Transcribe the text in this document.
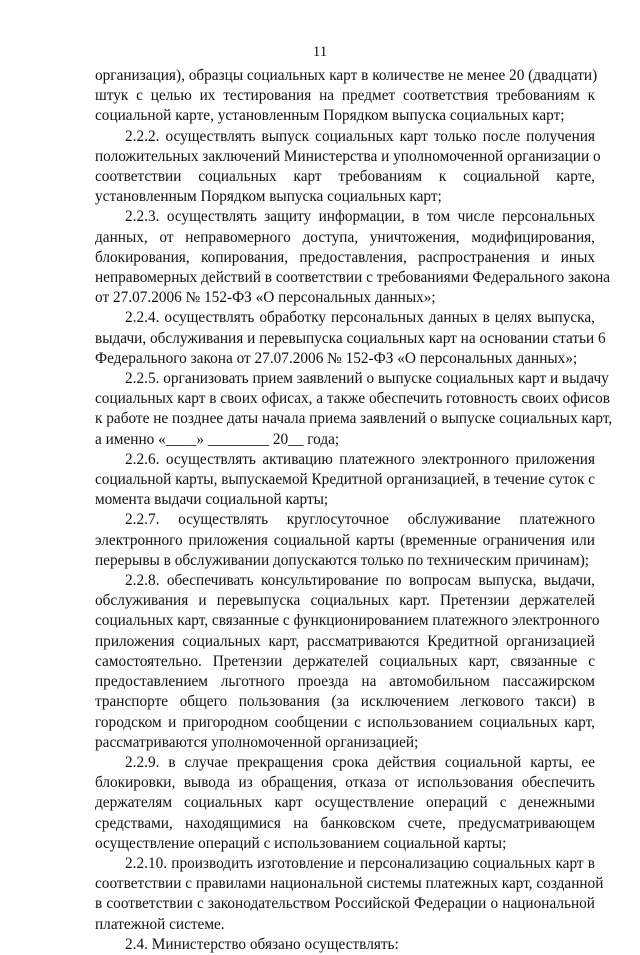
11
организация), образцы социальных карт в количестве не менее 20 (двадцати)
штук с целью их тестирования на предмет соответствия требованиям к
социальной карте, установленным Порядком выпуска социальных карт;
2.2.2. осуществлять выпуск социальных карт только после получения
положительных заключений Министерства и уполномоченной организации о
соответствии социальных карт требованиям к социальной карте,
установленным Порядком выпуска социальных карт;
2.2.3. осуществлять защиту информации, в том числе персональных
данных, от неправомерного доступа, уничтожения, модифицирования,
блокирования, копирования, предоставления, распространения и иных
неправомерных действий в соответствии с требованиями Федерального закона
от 27.07.2006 № 152-ФЗ «О персональных данных»;
2.2.4. осуществлять обработку персональных данных в целях выпуска,
выдачи, обслуживания и перевыпуска социальных карт на основании статьи 6
Федерального закона от 27.07.2006 № 152-ФЗ «О персональных данных»;
2.2.5. организовать прием заявлений о выпуске социальных карт и выдачу
социальных карт в своих офисах, а также обеспечить готовность своих офисов
к работе не позднее даты начала приема заявлений о выпуске социальных карт,
а именно «____» ________ 20__ года;
2.2.6. осуществлять активацию платежного электронного приложения
социальной карты, выпускаемой Кредитной организацией, в течение суток с
момента выдачи социальной карты;
2.2.7. осуществлять круглосуточное обслуживание платежного
электронного приложения социальной карты (временные ограничения или
перерывы в обслуживании допускаются только по техническим причинам);
2.2.8. обеспечивать консультирование по вопросам выпуска, выдачи,
обслуживания и перевыпуска социальных карт. Претензии держателей
социальных карт, связанные с функционированием платежного электронного
приложения социальных карт, рассматриваются Кредитной организацией
самостоятельно. Претензии держателей социальных карт, связанные с
предоставлением льготного проезда на автомобильном пассажирском
транспорте общего пользования (за исключением легкового такси) в
городском и пригородном сообщении с использованием социальных карт,
рассматриваются уполномоченной организацией;
2.2.9. в случае прекращения срока действия социальной карты, ее
блокировки, вывода из обращения, отказа от использования обеспечить
держателям социальных карт осуществление операций с денежными
средствами, находящимися на банковском счете, предусматривающем
осуществление операций с использованием социальной карты;
2.2.10. производить изготовление и персонализацию социальных карт в
соответствии с правилами национальной системы платежных карт, созданной
в соответствии с законодательством Российской Федерации о национальной
платежной системе.
2.4. Министерство обязано осуществлять:
